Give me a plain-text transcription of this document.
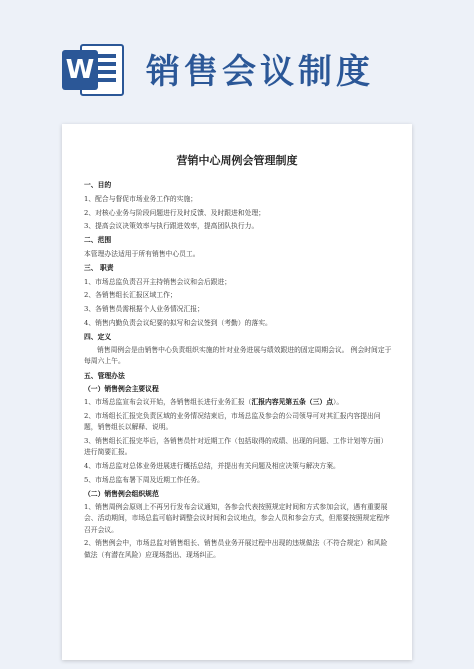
W 销售会议制度
营销中心周例会管理制度

一、目的

1、配合与督促市场业务工作的实施；

2、对核心业务与阶段问题进行及时反馈、及时跟进和处理；

3、提高会议决策效率与执行跟进效率，提高团队执行力。

二、范围

本管理办法适用于所有销售中心员工。

三、 职责

1、市场总监负责召开主持销售会议和会后跟进；

2、各销售组长汇报区域工作；

3、各销售员需根据个人业务情况汇报；

4、销售内勤负责会议纪要的拟写和会议签到（考勤）的落实。

四、定义

销售周例会是由销售中心负责组织实施的针对业务进展与绩效跟进的固定周期会议。 例会时间定于每周六上午。

五、管理办法

（一）销售例会主要议程

1、市场总监宣布会议开始，各销售组长进行业务汇报（汇报内容见第五条（三）点）。

2、市场组长汇报完负责区域的业务情况结束后，市场总监及参会的公司领导可对其汇报内容提出问题，销售组长以解释、说明。

3、销售组长汇报完毕后，各销售员针对近期工作（包括取得的成绩、出现的问题、工作计划等方面）进行简要汇报。

4、市场总监对总体业务进展进行概括总结，并提出有关问题及相应决策与解决方案。

5、市场总监布署下周及近期工作任务。

（二）销售例会组织规范

1、销售周例会原则上不再另行发布会议通知，各参会代表按照规定时间和方式参加会议，遇有重要展会、活动期间，市场总监可临时调整会议时间和会议地点，参会人员和参会方式，但需要按照规定程序召开会议。

2、销售例会中，市场总监对销售组长、销售员业务开展过程中出现的违规做法（不符合规定）和风险做法（有潜在风险）应现场指出、现场纠正。
